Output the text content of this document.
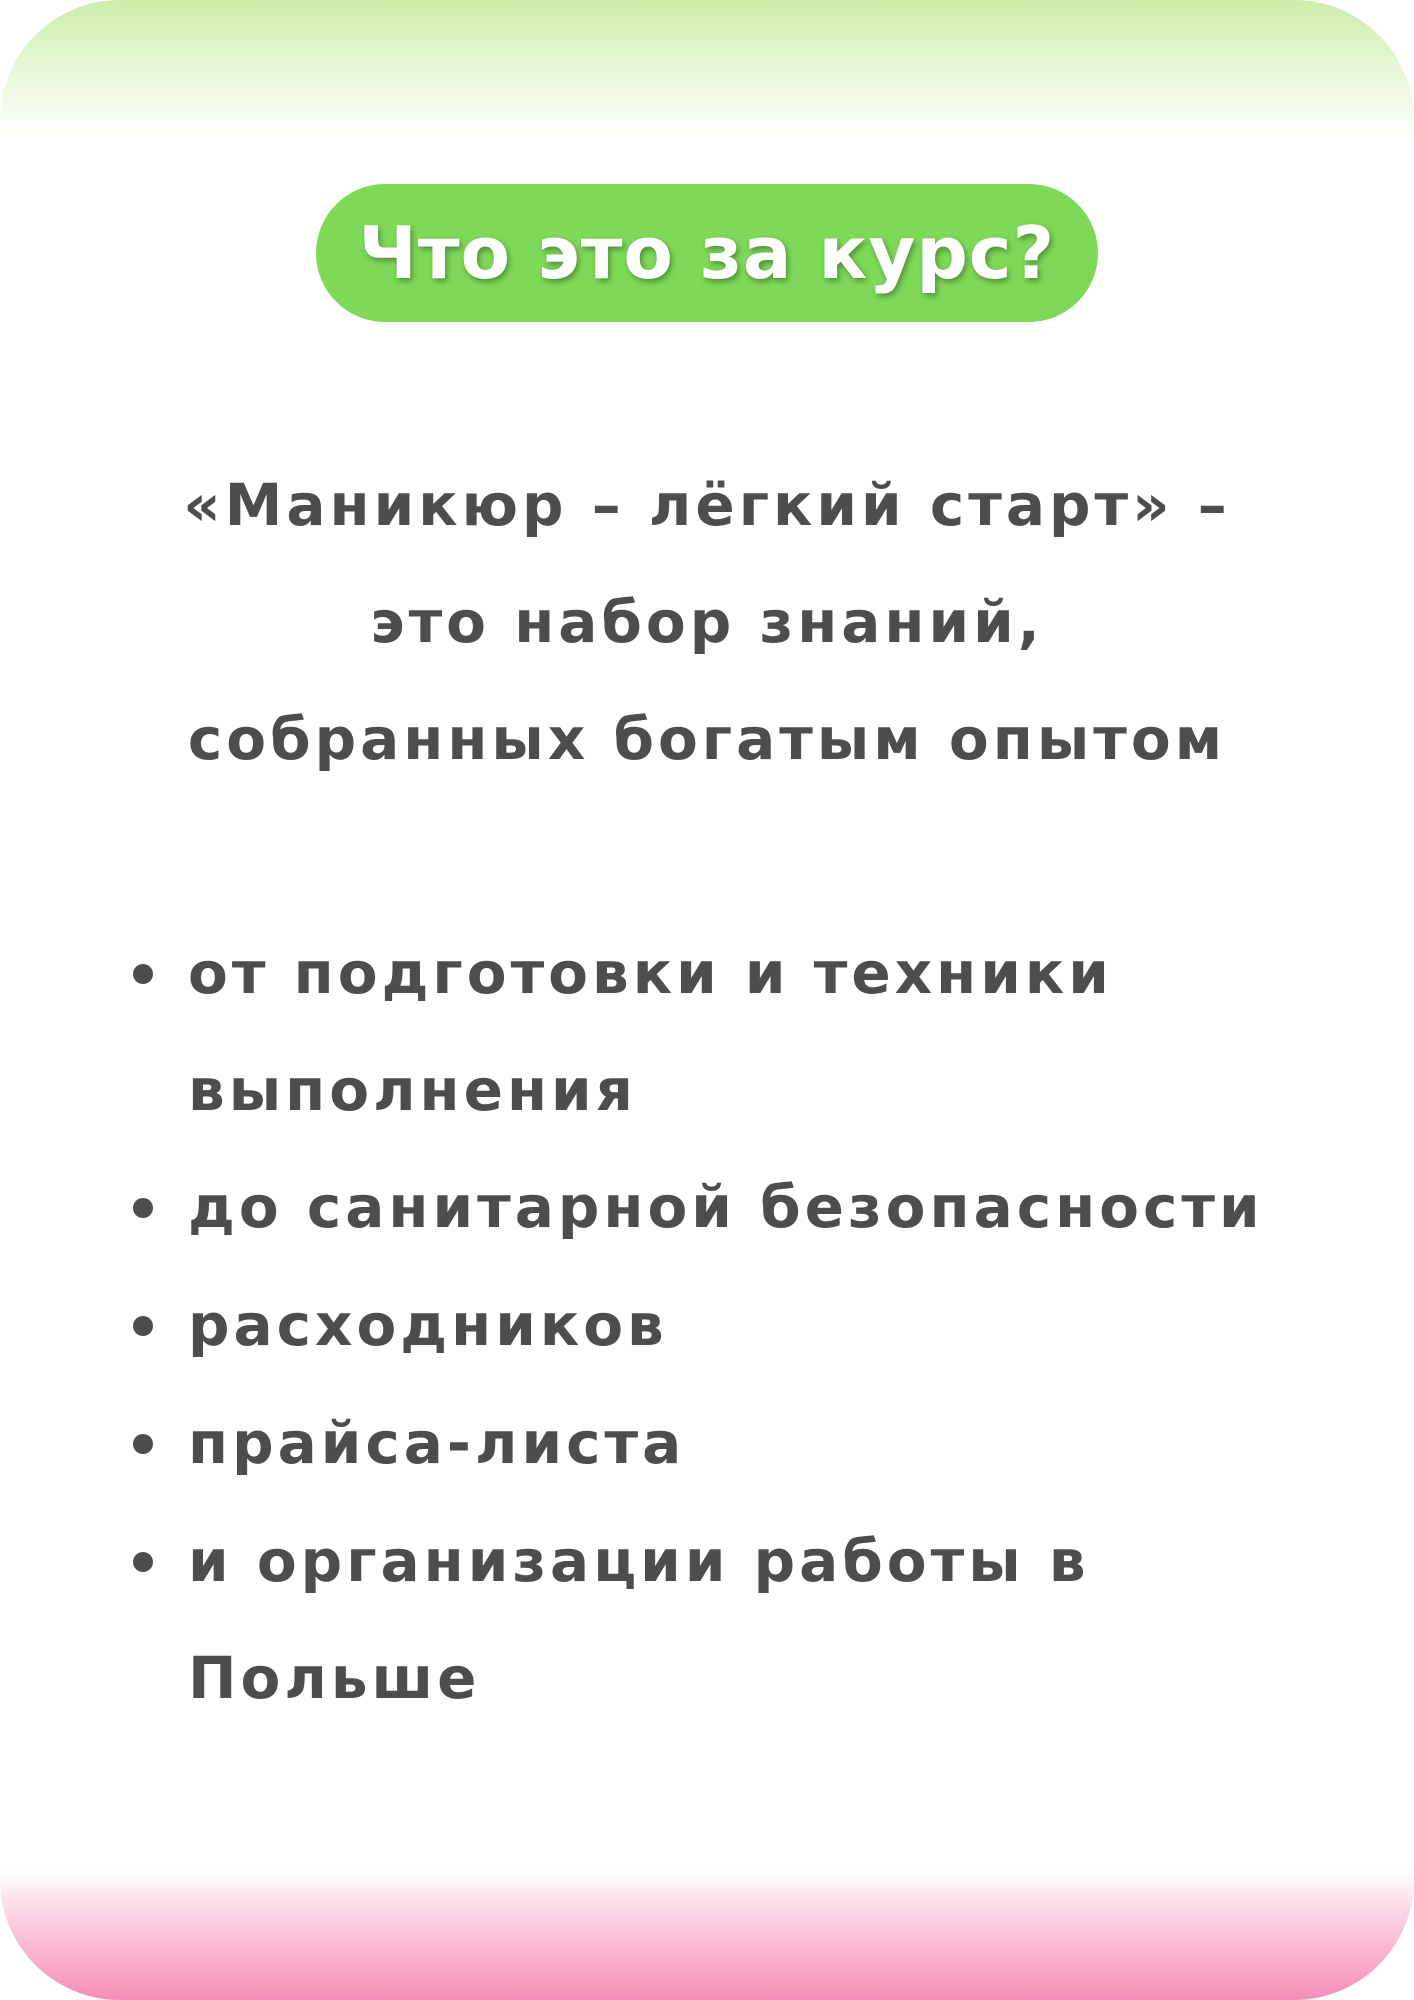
Что это за курс?
«Маникюр – лёгкий старт» –
это набор знаний,
собранных богатым опытом
от подготовки и техники
выполнения
до санитарной безопасности
расходников
прайса-листа
и организации работы в
Польше
